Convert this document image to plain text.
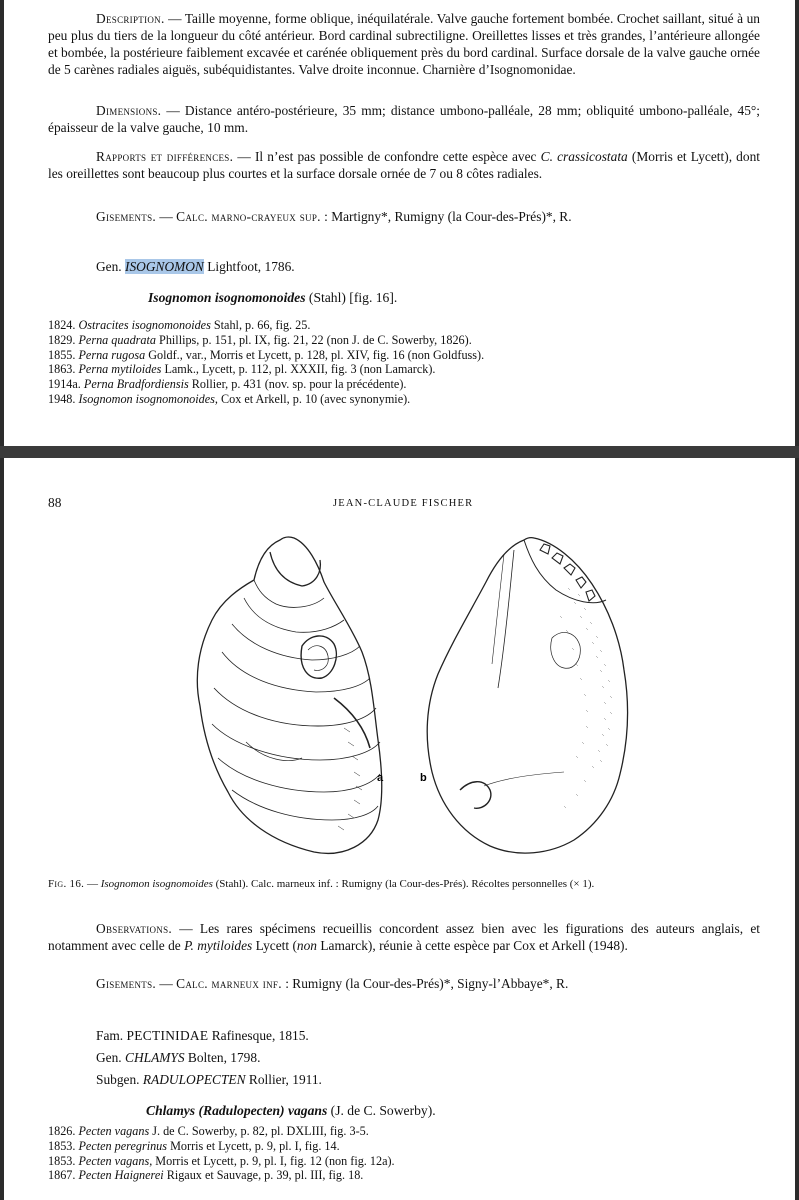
Description. — Taille moyenne, forme oblique, inéquilatérale. Valve gauche fortement bombée. Crochet saillant, situé à un peu plus du tiers de la longueur du côté antérieur. Bord cardinal subrectiligne. Oreillettes lisses et très grandes, l’antérieure allongée et bombée, la postérieure faiblement excavée et carénée obliquement près du bord cardinal. Surface dorsale de la valve gauche ornée de 5 carènes radiales aiguës, subéquidistantes. Valve droite inconnue. Charnière d’Isognomonidae.
Dimensions. — Distance antéro-postérieure, 35 mm; distance umbono-palléale, 28 mm; obliquité umbono-palléale, 45°; épaisseur de la valve gauche, 10 mm.
Rapports et différences. — Il n’est pas possible de confondre cette espèce avec C. crassicostata (Morris et Lycett), dont les oreillettes sont beaucoup plus courtes et la surface dorsale ornée de 7 ou 8 côtes radiales.
Gisements. — Calc. marno-crayeux sup. : Martigny*, Rumigny (la Cour-des-Prés)*, R.
Gen. ISOGNOMON Lightfoot, 1786.
Isognomon isognomonoides (Stahl) [fig. 16].
1824. Ostracites isognomonoides Stahl, p. 66, fig. 25.
1829. Perna quadrata Phillips, p. 151, pl. IX, fig. 21, 22 (non J. de C. Sowerby, 1826).
1855. Perna rugosa Goldf., var., Morris et Lycett, p. 128, pl. XIV, fig. 16 (non Goldfuss).
1863. Perna mytiloides Lamk., Lycett, p. 112, pl. XXXII, fig. 3 (non Lamarck).
1914a. Perna Bradfordiensis Rollier, p. 431 (nov. sp. pour la précédente).
1948. Isognomon isognomonoides, Cox et Arkell, p. 10 (avec synonymie).
88	JEAN-CLAUDE FISCHER
a	b
Fig. 16. — Isognomon isognomoides (Stahl). Calc. marneux inf. : Rumigny (la Cour-des-Prés). Récoltes personnelles (× 1).
Observations. — Les rares spécimens recueillis concordent assez bien avec les figurations des auteurs anglais, et notamment avec celle de P. mytiloides Lycett (non Lamarck), réunie à cette espèce par Cox et Arkell (1948).
Gisements. — Calc. marneux inf. : Rumigny (la Cour-des-Prés)*, Signy-l’Abbaye*, R.
Fam. PECTINIDAE Rafinesque, 1815.
Gen. CHLAMYS Bolten, 1798.
Subgen. RADULOPECTEN Rollier, 1911.
Chlamys (Radulopecten) vagans (J. de C. Sowerby).
1826. Pecten vagans J. de C. Sowerby, p. 82, pl. DXLIII, fig. 3-5.
1853. Pecten peregrinus Morris et Lycett, p. 9, pl. I, fig. 14.
1853. Pecten vagans, Morris et Lycett, p. 9, pl. I, fig. 12 (non fig. 12a).
1867. Pecten Haignerei Rigaux et Sauvage, p. 39, pl. III, fig. 18.
